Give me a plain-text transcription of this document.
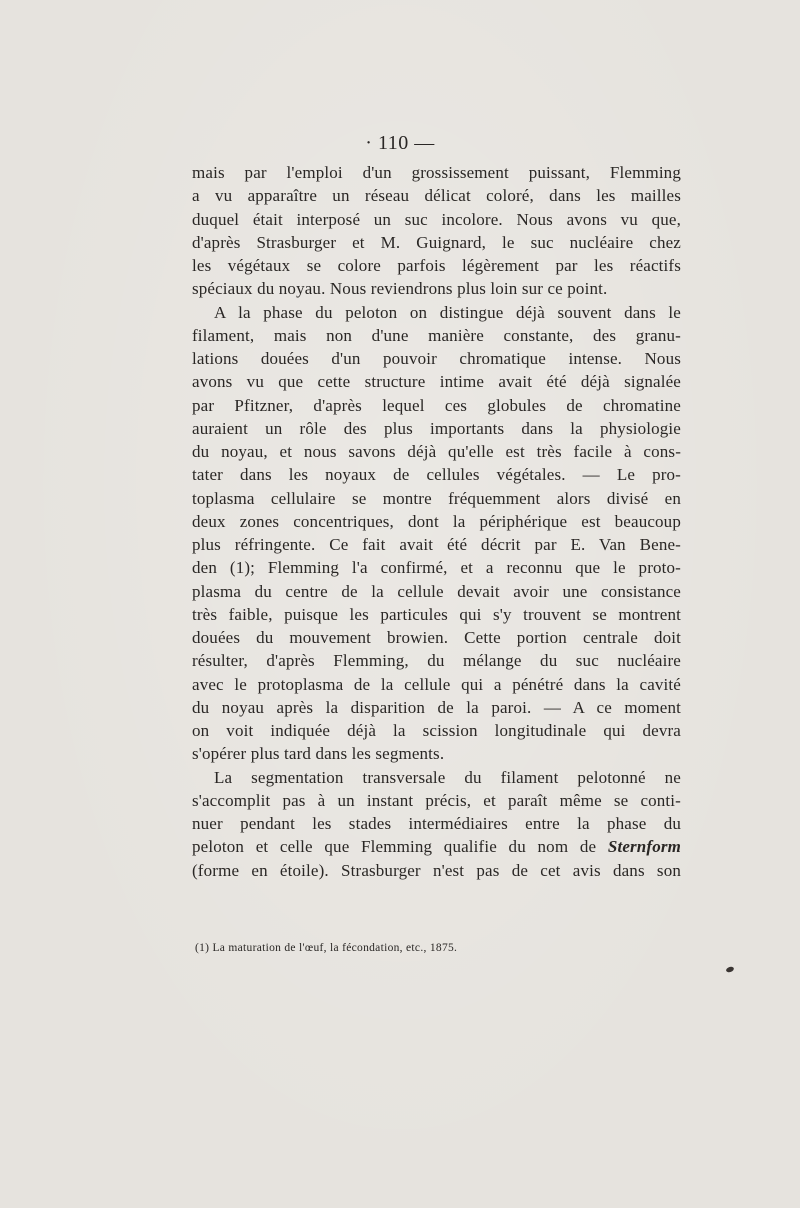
· 110 —
mais par l'emploi d'un grossissement puissant, Flemming
a vu apparaître un réseau délicat coloré, dans les mailles
duquel était interposé un suc incolore. Nous avons vu que,
d'après Strasburger et M. Guignard, le suc nucléaire chez
les végétaux se colore parfois légèrement par les réactifs
spéciaux du noyau. Nous reviendrons plus loin sur ce point.
A la phase du peloton on distingue déjà souvent dans le
filament, mais non d'une manière constante, des granu-
lations douées d'un pouvoir chromatique intense. Nous
avons vu que cette structure intime avait été déjà signalée
par Pfitzner, d'après lequel ces globules de chromatine
auraient un rôle des plus importants dans la physiologie
du noyau, et nous savons déjà qu'elle est très facile à cons-
tater dans les noyaux de cellules végétales. — Le pro-
toplasma cellulaire se montre fréquemment alors divisé en
deux zones concentriques, dont la périphérique est beaucoup
plus réfringente. Ce fait avait été décrit par E. Van Bene-
den (1); Flemming l'a confirmé, et a reconnu que le proto-
plasma du centre de la cellule devait avoir une consistance
très faible, puisque les particules qui s'y trouvent se montrent
douées du mouvement browien. Cette portion centrale doit
résulter, d'après Flemming, du mélange du suc nucléaire
avec le protoplasma de la cellule qui a pénétré dans la cavité
du noyau après la disparition de la paroi. — A ce moment
on voit indiquée déjà la scission longitudinale qui devra
s'opérer plus tard dans les segments.
La segmentation transversale du filament pelotonné ne
s'accomplit pas à un instant précis, et paraît même se conti-
nuer pendant les stades intermédiaires entre la phase du
peloton et celle que Flemming qualifie du nom de Sternform
(forme en étoile). Strasburger n'est pas de cet avis dans son
(1) La maturation de l'œuf, la fécondation, etc., 1875.
